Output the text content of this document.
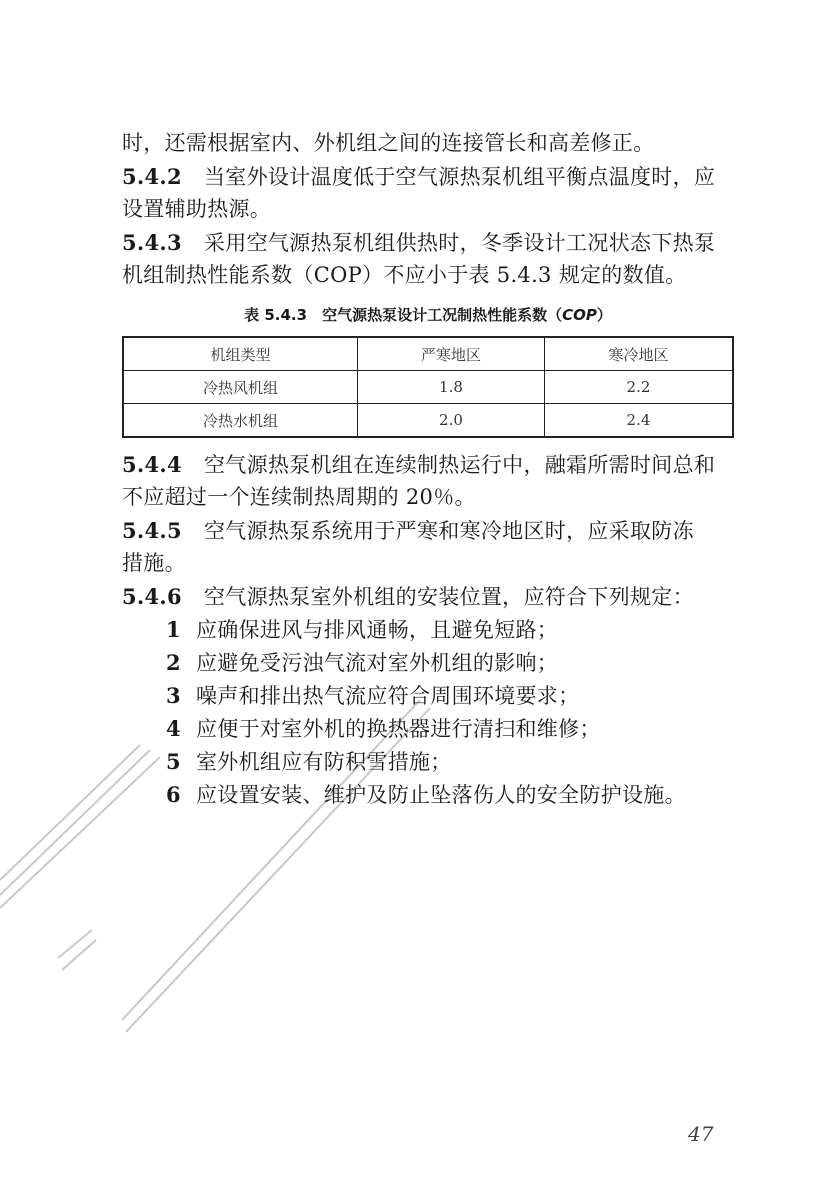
时，还需根据室内、外机组之间的连接管长和高差修正。
5.4.2 当室外设计温度低于空气源热泵机组平衡点温度时，应
设置辅助热源。
5.4.3 采用空气源热泵机组供热时，冬季设计工况状态下热泵
机组制热性能系数（COP）不应小于表 5.4.3 规定的数值。
表 5.4.3　空气源热泵设计工况制热性能系数（COP）
机组类型	严寒地区	寒冷地区
冷热风机组	1.8	2.2
冷热水机组	2.0	2.4
5.4.4 空气源热泵机组在连续制热运行中，融霜所需时间总和
不应超过一个连续制热周期的 20％。
5.4.5 空气源热泵系统用于严寒和寒冷地区时，应采取防冻
措施。
5.4.6 空气源热泵室外机组的安装位置，应符合下列规定：
1 应确保进风与排风通畅，且避免短路；
2 应避免受污浊气流对室外机组的影响；
3 噪声和排出热气流应符合周围环境要求；
4 应便于对室外机的换热器进行清扫和维修；
5 室外机组应有防积雪措施；
6 应设置安装、维护及防止坠落伤人的安全防护设施。
47
